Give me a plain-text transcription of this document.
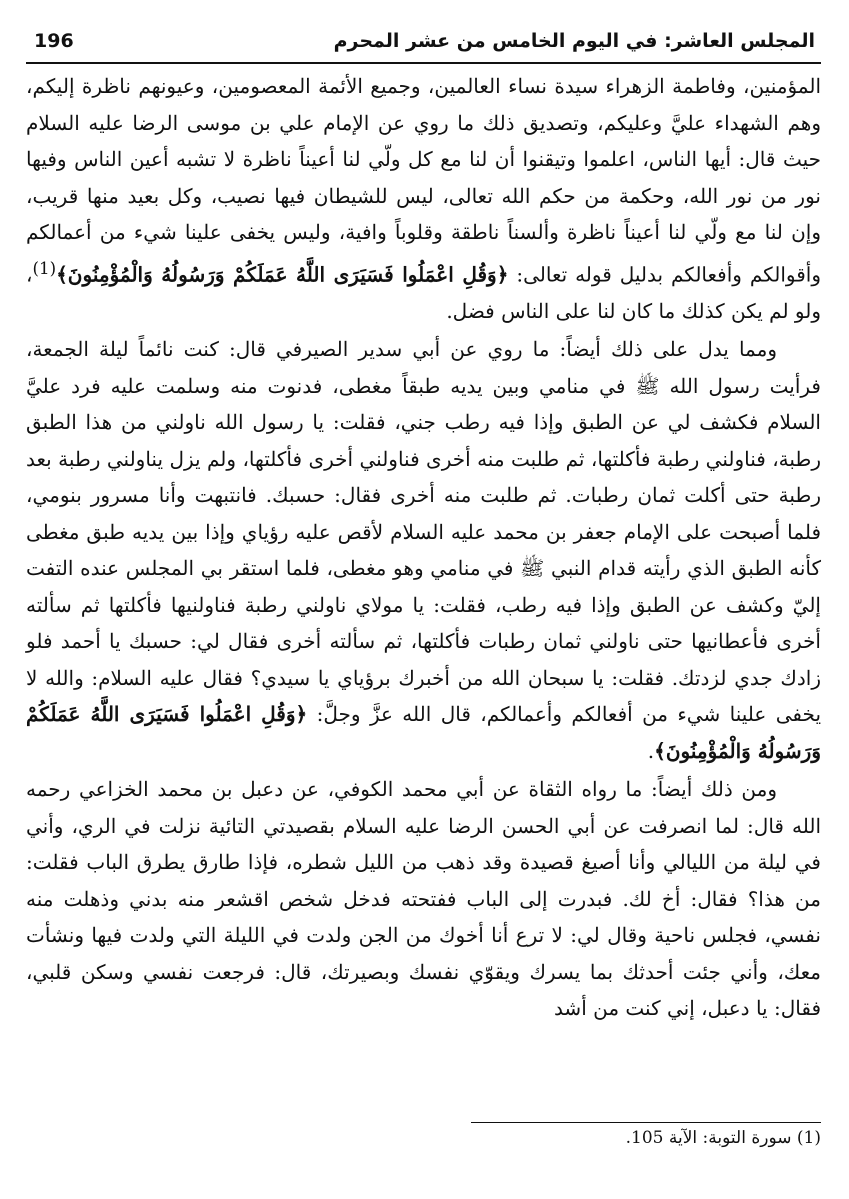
المجلس العاشر: في اليوم الخامس من عشر المحرم
196

المؤمنين، وفاطمة الزهراء سيدة نساء العالمين، وجميع الأئمة المعصومين، وعيونهم ناظرة إليكم، وهم الشهداء عليَّ وعليكم، وتصديق ذلك ما روي عن الإمام علي بن موسى الرضا عليه السلام حيث قال: أيها الناس، اعلموا وتيقنوا أن لنا مع كل ولّي لنا أعيناً ناظرة لا تشبه أعين الناس وفيها نور من نور الله، وحكمة من حكم الله تعالى، ليس للشيطان فيها نصيب، وكل بعيد منها قريب، وإن لنا مع ولّي لنا أعيناً ناظرة وألسناً ناطقة وقلوباً وافية، وليس يخفى علينا شيء من أعمالكم وأقوالكم وأفعالكم بدليل قوله تعالى: ﴿وَقُلِ اعْمَلُوا فَسَيَرَى اللَّهُ عَمَلَكُمْ وَرَسُولُهُ وَالْمُؤْمِنُونَ﴾$^{(1)}$، ولو لم يكن كذلك ما كان لنا على الناس فضل.

ومما يدل على ذلك أيضاً: ما روي عن أبي سدير الصيرفي قال: كنت نائماً ليلة الجمعة، فرأيت رسول الله ﷺ في منامي وبين يديه طبقاً مغطى، فدنوت منه وسلمت عليه فرد عليَّ السلام فكشف لي عن الطبق وإذا فيه رطب جني، فقلت: يا رسول الله ناولني من هذا الطبق رطبة، فناولني رطبة فأكلتها، ثم طلبت منه أخرى فناولني أخرى فأكلتها، ولم يزل يناولني رطبة بعد رطبة حتى أكلت ثمان رطبات. ثم طلبت منه أخرى فقال: حسبك. فانتبهت وأنا مسرور بنومي، فلما أصبحت على الإمام جعفر بن محمد عليه السلام لأقص عليه رؤياي وإذا بين يديه طبق مغطى كأنه الطبق الذي رأيته قدام النبي ﷺ في منامي وهو مغطى، فلما استقر بي المجلس عنده التفت إليّ وكشف عن الطبق وإذا فيه رطب، فقلت: يا مولاي ناولني رطبة فناولنيها فأكلتها ثم سألته أخرى فأعطانيها حتى ناولني ثمان رطبات فأكلتها، ثم سألته أخرى فقال لي: حسبك يا أحمد فلو زادك جدي لزدتك. فقلت: يا سبحان الله من أخبرك برؤياي يا سيدي؟ فقال عليه السلام: والله لا يخفى علينا شيء من أفعالكم وأعمالكم، قال الله عزَّ وجلَّ: ﴿وَقُلِ اعْمَلُوا فَسَيَرَى اللَّهُ عَمَلَكُمْ وَرَسُولُهُ وَالْمُؤْمِنُونَ﴾.

ومن ذلك أيضاً: ما رواه الثقاة عن أبي محمد الكوفي، عن دعبل بن محمد الخزاعي رحمه الله قال: لما انصرفت عن أبي الحسن الرضا عليه السلام بقصيدتي التائية نزلت في الري، وأني في ليلة من الليالي وأنا أصيغ قصيدة وقد ذهب من الليل شطره، فإذا طارق يطرق الباب فقلت: من هذا؟ فقال: أخ لك. فبدرت إلى الباب ففتحته فدخل شخص اقشعر منه بدني وذهلت منه نفسي، فجلس ناحية وقال لي: لا ترع أنا أخوك من الجن ولدت في الليلة التي ولدت فيها ونشأت معك، وأني جئت أحدثك بما يسرك ويقوّي نفسك وبصيرتك، قال: فرجعت نفسي وسكن قلبي، فقال: يا دعبل، إني كنت من أشد

(1) سورة التوبة: الآية 105.
